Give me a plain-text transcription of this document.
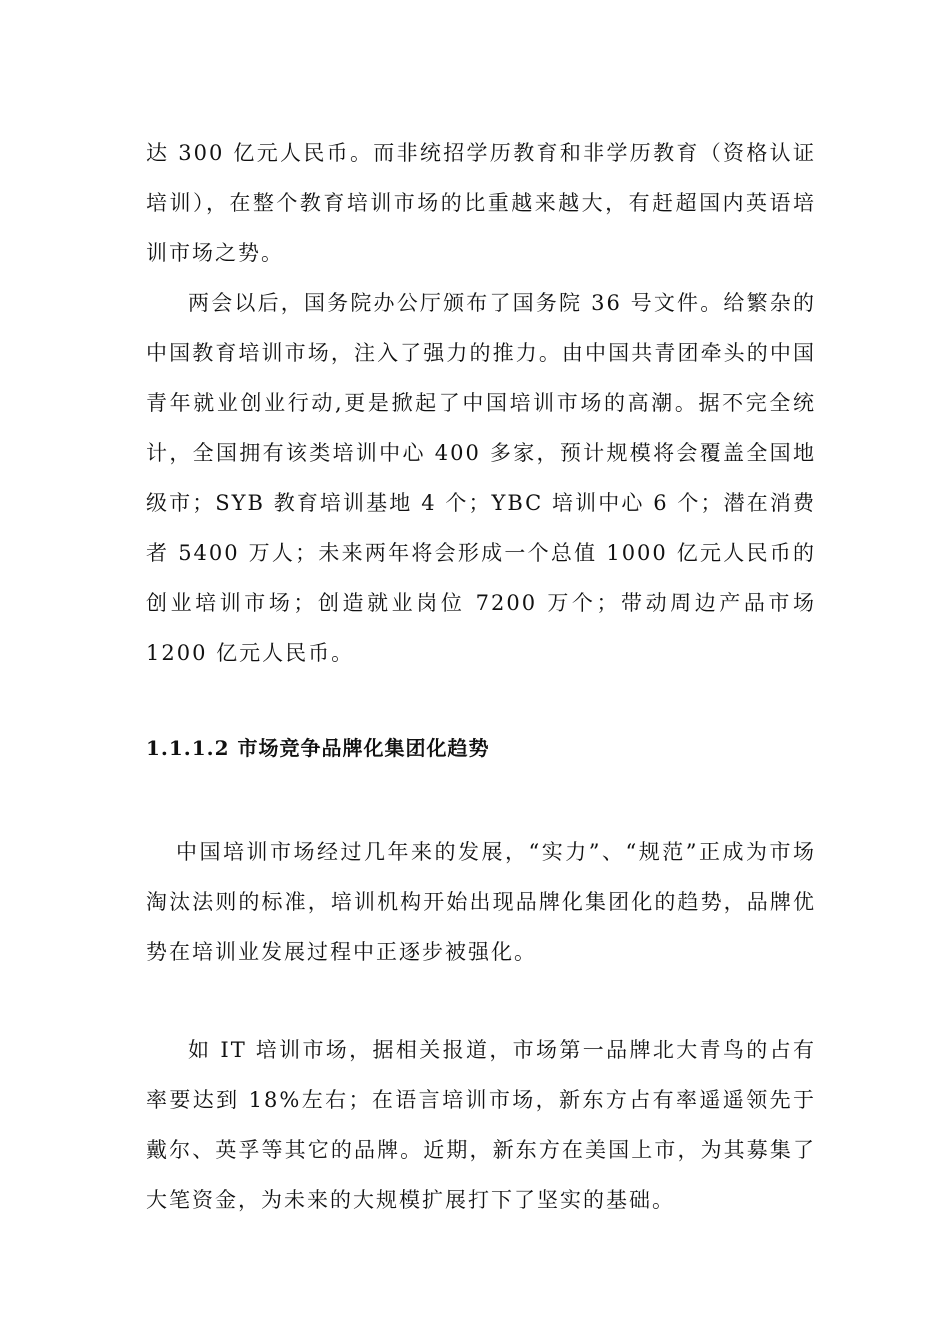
达 300 亿元人民币。而非统招学历教育和非学历教育（资格认证培训），在整个教育培训市场的比重越来越大，有赶超国内英语培训市场之势。

两会以后，国务院办公厅颁布了国务院 36 号文件。给繁杂的中国教育培训市场，注入了强力的推力。由中国共青团牵头的中国青年就业创业行动,更是掀起了中国培训市场的高潮。据不完全统计，全国拥有该类培训中心 400 多家，预计规模将会覆盖全国地级市；SYB 教育培训基地 4 个；YBC 培训中心 6 个；潜在消费者 5400 万人；未来两年将会形成一个总值 1000 亿元人民币的创业培训市场；创造就业岗位 7200 万个；带动周边产品市场 1200 亿元人民币。

1.1.1.2 市场竞争品牌化集团化趋势

中国培训市场经过几年来的发展，“实力”、“规范”正成为市场淘汰法则的标准，培训机构开始出现品牌化集团化的趋势，品牌优势在培训业发展过程中正逐步被强化。

如 IT 培训市场，据相关报道，市场第一品牌北大青鸟的占有率要达到 18%左右；在语言培训市场，新东方占有率遥遥领先于戴尔、英孚等其它的品牌。近期，新东方在美国上市，为其募集了大笔资金，为未来的大规模扩展打下了坚实的基础。
